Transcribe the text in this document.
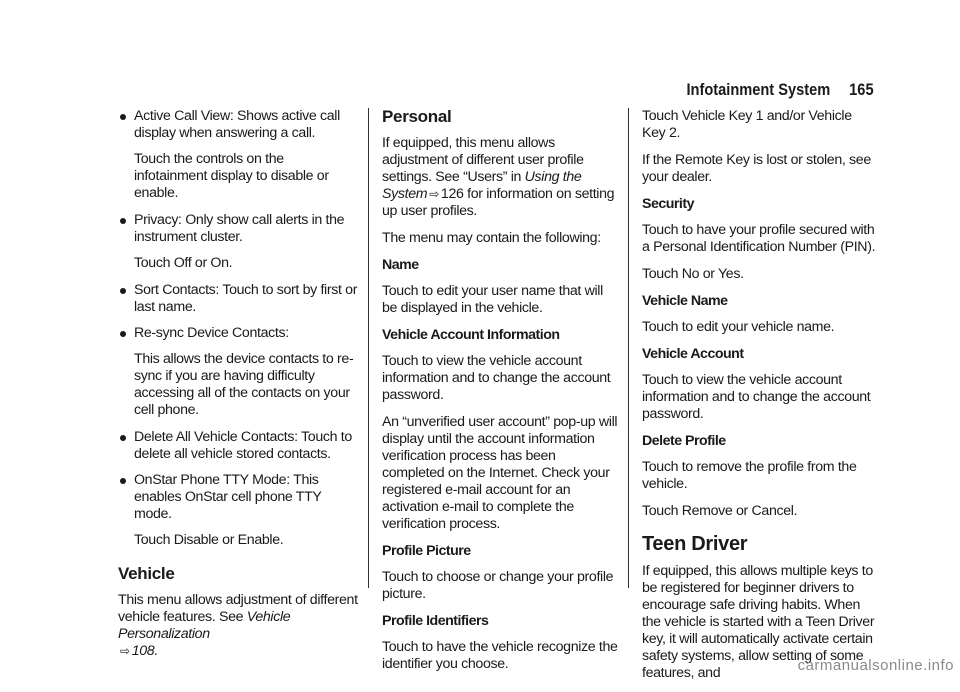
Infotainment System 165
Active Call View: Shows active call display when answering a call.

Touch the controls on the infotainment display to disable or enable.

Privacy: Only show call alerts in the instrument cluster.

Touch Off or On.

Sort Contacts: Touch to sort by first or last name.
Re-sync Device Contacts:

This allows the device contacts to re-sync if you are having difficulty accessing all of the contacts on your cell phone.

Delete All Vehicle Contacts: Touch to delete all vehicle stored contacts.
OnStar Phone TTY Mode: This enables OnStar cell phone TTY mode.

Touch Disable or Enable.

Vehicle

This menu allows adjustment of different vehicle features. See Vehicle Personalization
⇨ 108.

Personal

If equipped, this menu allows adjustment of different user profile settings. See “Users” in Using the System ⇨ 126 for information on setting up user profiles.

The menu may contain the following:

Name

Touch to edit your user name that will be displayed in the vehicle.

Vehicle Account Information

Touch to view the vehicle account information and to change the account password.

An “unverified user account” pop-up will display until the account information verification process has been completed on the Internet. Check your registered e-mail account for an activation e-mail to complete the verification process.

Profile Picture

Touch to choose or change your profile picture.

Profile Identifiers

Touch to have the vehicle recognize the identifier you choose.

Touch Vehicle Key 1 and/or Vehicle Key 2.

If the Remote Key is lost or stolen, see your dealer.

Security

Touch to have your profile secured with a Personal Identification Number (PIN).

Touch No or Yes.

Vehicle Name

Touch to edit your vehicle name.

Vehicle Account

Touch to view the vehicle account information and to change the account password.

Delete Profile

Touch to remove the profile from the vehicle.

Touch Remove or Cancel.

Teen Driver

If equipped, this allows multiple keys to be registered for beginner drivers to encourage safe driving habits. When the vehicle is started with a Teen Driver key, it will automatically activate certain safety systems, allow setting of some features, and	carmanualsonline.info
